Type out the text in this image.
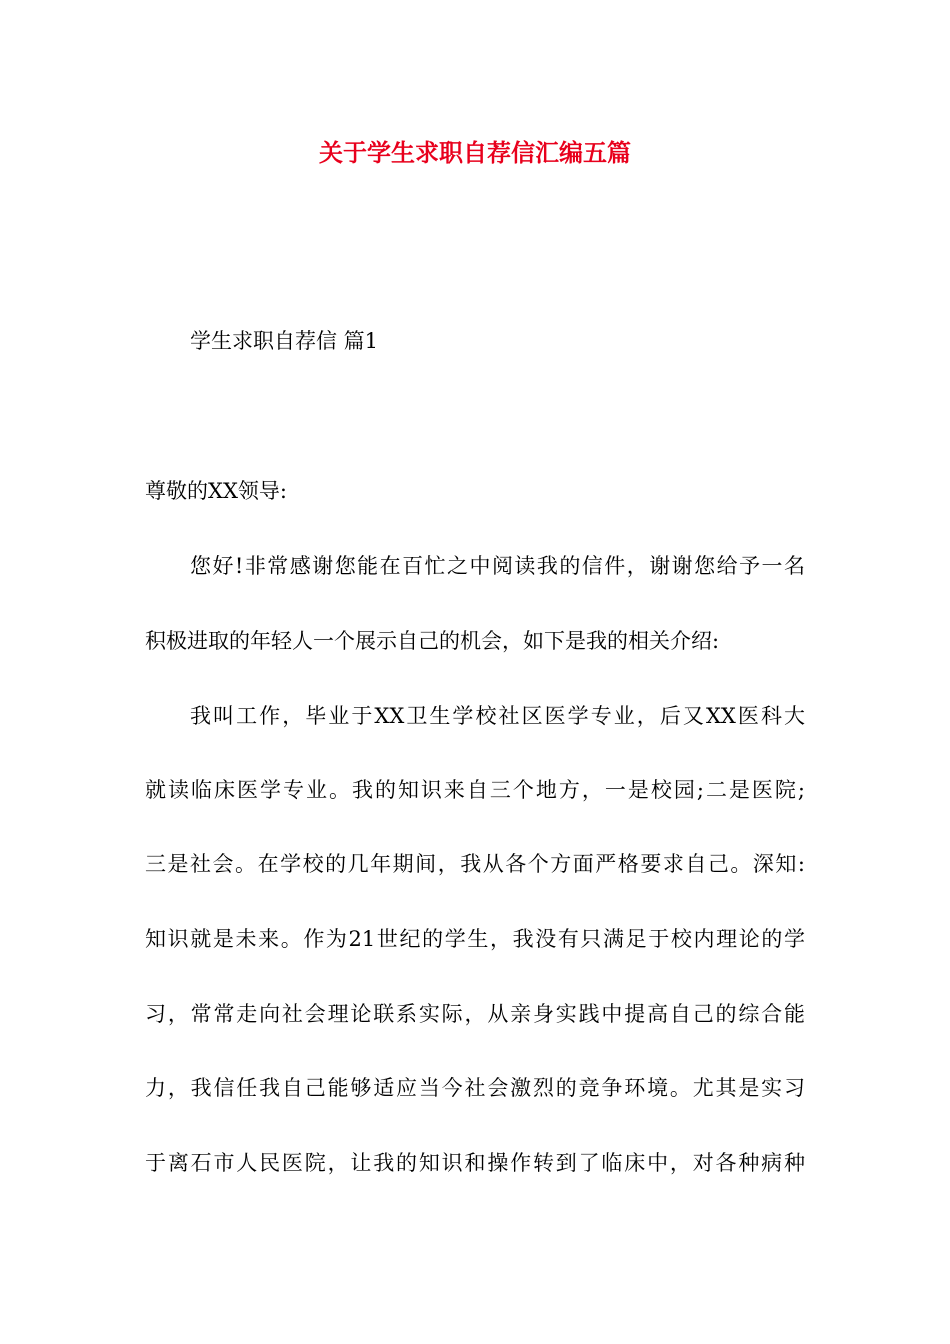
关于学生求职自荐信汇编五篇
学生求职自荐信 篇1
尊敬的XX领导:
您好!非常感谢您能在百忙之中阅读我的信件，谢谢您给予一名
积极进取的年轻人一个展示自己的机会，如下是我的相关介绍:
我叫工作，毕业于XX卫生学校社区医学专业，后又XX医科大
就读临床医学专业。我的知识来自三个地方，一是校园;二是医院;
三是社会。在学校的几年期间，我从各个方面严格要求自己。深知:
知识就是未来。作为21世纪的学生，我没有只满足于校内理论的学
习，常常走向社会理论联系实际，从亲身实践中提高自己的综合能
力，我信任我自己能够适应当今社会激烈的竞争环境。尤其是实习
于离石市人民医院，让我的知识和操作转到了临床中，对各种病种
